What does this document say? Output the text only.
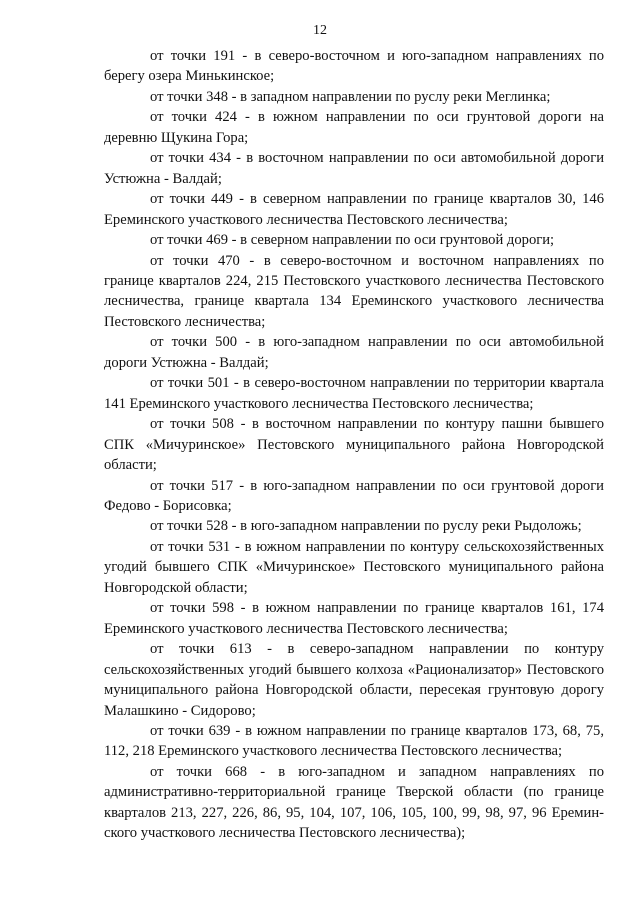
12

от точки 191 - в северо-восточном и юго-западном направлениях по берегу озера Минькинское;

от точки 348 - в западном направлении по руслу реки Меглинка;

от точки 424 - в южном направлении по оси грунтовой дороги на деревню Щукина Гора;

от точки 434 - в восточном направлении по оси автомобильной дороги Устюжна - Валдай;

от точки 449 - в северном направлении по границе кварталов 30, 146 Ереминского участкового лесничества Пестовского лесничества;

от точки 469 - в северном направлении по оси грунтовой дороги;

от точки 470 - в северо-восточном и восточном направлениях по границе кварталов 224, 215 Пестовского участкового лесничества Пестовского лесничества, границе квартала 134 Ереминского участкового лесничества Пестовского лесничества;

от точки 500 - в юго-западном направлении по оси автомобильной дороги Устюжна - Валдай;

от точки 501 - в северо-восточном направлении по территории квартала 141 Ереминского участкового лесничества Пестовского лесничества;

от точки 508 - в восточном направлении по контуру пашни бывшего СПК «Мичуринское» Пестовского муниципального района Новгородской области;

от точки 517 - в юго-западном направлении по оси грунтовой дороги Федово - Борисовка;

от точки 528 - в юго-западном направлении по руслу реки Рыдоложь;

от точки 531 - в южном направлении по контуру сельскохозяйственных угодий бывшего СПК «Мичуринское» Пестовского муниципального района Новгородской области;

от точки 598 - в южном направлении по границе кварталов 161, 174 Ереминского участкового лесничества Пестовского лесничества;

от точки 613 - в северо-западном направлении по контуру сельскохозяйственных угодий бывшего колхоза «Рационализатор» Пестовского муниципального района Новгородской области, пересекая грунтовую дорогу Малашкино - Сидорово;

от точки 639 - в южном направлении по границе кварталов 173, 68, 75, 112, 218 Ереминского участкового лесничества Пестовского лесничества;

от точки 668 - в юго-западном и западном направлениях по административно-территориальной границе Тверской области (по границе кварталов 213, 227, 226, 86, 95, 104, 107, 106, 105, 100, 99, 98, 97, 96 Ереминского участкового лесничества Пестовского лесничества);
